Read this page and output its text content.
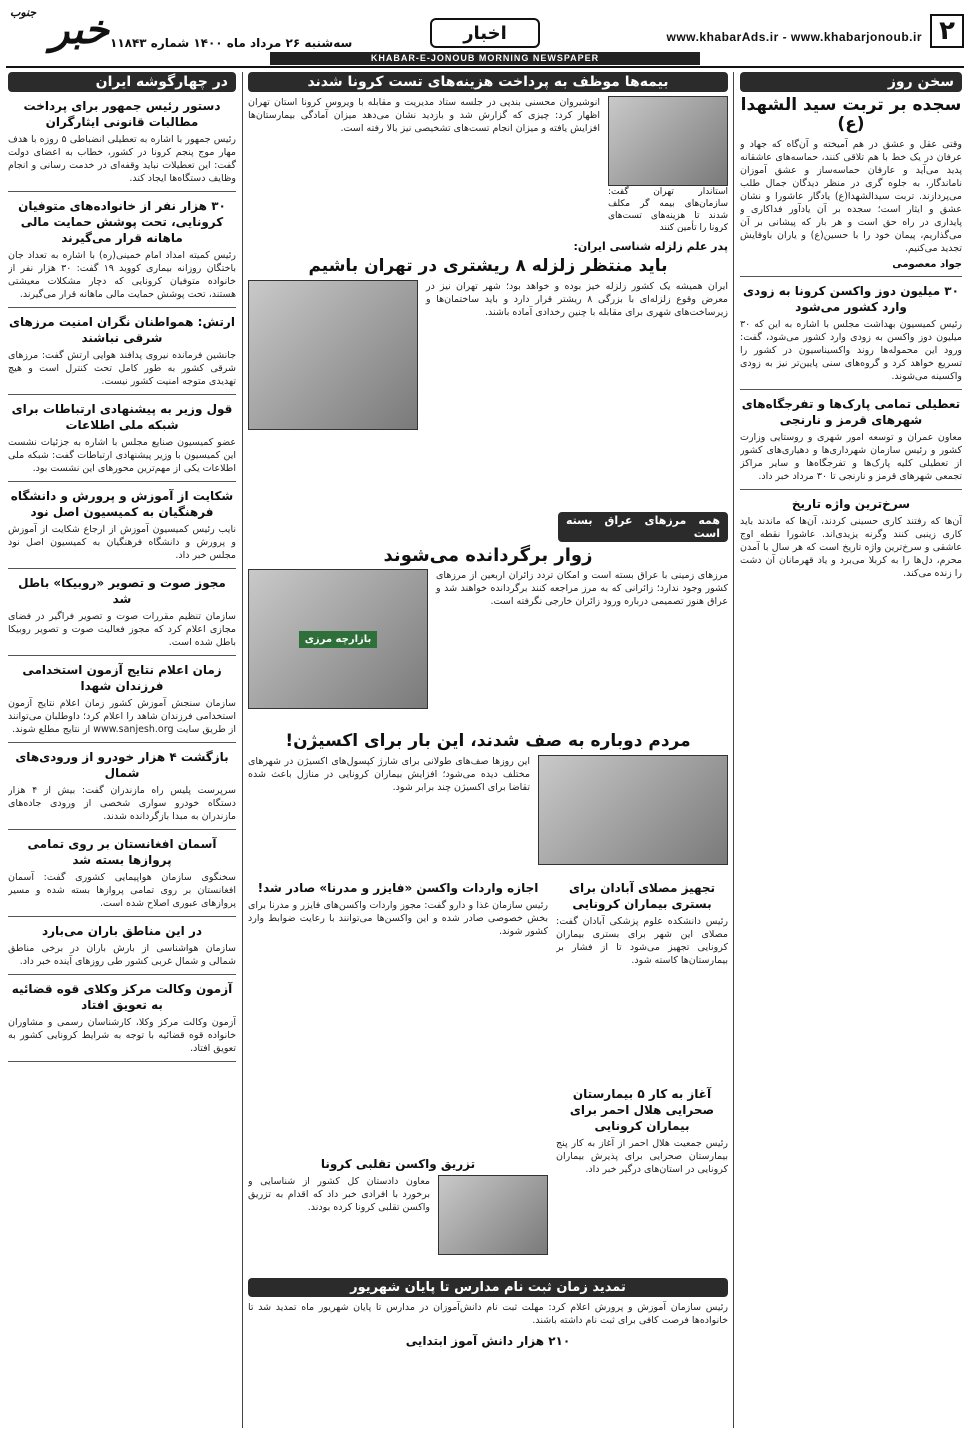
۲
www.khabarAds.ir - www.khabarjonoub.ir
اخبار
خبر $^{جنوب}$
سه‌شنبه ۲۶ مرداد ماه ۱۴۰۰ شماره ۱۱۸۴۳
KHABAR-E-JONOUB MORNING NEWSPAPER
سخن روز
سجده بر تربت سید الشهدا (ع)
وقتی عقل و عشق در هم آمیخته و آن‌گاه که جهاد و عرفان در یک خط با هم تلاقی کنند، حماسه‌های عاشقانه پدید می‌آید و عارفان حماسه‌ساز و عشق آموزان ناماندگار، به جلوه گری در منظر دیدگان جمال طلب می‌پردازند. تربت سیدالشهدا(ع) یادگار عاشورا و نشان عشق و ایثار است؛ سجده بر آن یادآور فداکاری و پایداری در راه حق است و هر بار که پیشانی بر آن می‌گذاریم، پیمان خود را با حسین(ع) و یاران باوفایش تجدید می‌کنیم.
جواد معصومی
۳۰ میلیون دوز واکسن کرونا به زودی وارد کشور می‌شود
رئیس کمیسیون بهداشت مجلس با اشاره به این که ۳۰ میلیون دوز واکسن به زودی وارد کشور می‌شود، گفت: ورود این محموله‌ها روند واکسیناسیون در کشور را تسریع خواهد کرد و گروه‌های سنی پایین‌تر نیز به زودی واکسینه می‌شوند.
تعطیلی تمامی پارک‌ها و تفرجگاه‌های شهرهای قرمز و نارنجی
معاون عمران و توسعه امور شهری و روستایی وزارت کشور و رئیس سازمان شهرداری‌ها و دهیاری‌های کشور از تعطیلی کلیه پارک‌ها و تفرجگاه‌ها و سایر مراکز تجمعی شهرهای قرمز و نارنجی تا ۳۰ مرداد خبر داد.
سرخ‌ترین واژه تاریخ
آن‌ها که رفتند کاری حسینی کردند، آن‌ها که ماندند باید کاری زینبی کنند وگرنه یزیدی‌اند. عاشورا نقطه اوج عاشقی و سرخ‌ترین واژه تاریخ است که هر سال با آمدن محرم، دل‌ها را به کربلا می‌برد و یاد قهرمانان آن دشت را زنده می‌کند.
در چهارگوشه ایران
دستور رئیس جمهور برای پرداخت مطالبات قانونی ایثارگران
رئیس جمهور با اشاره به تعطیلی انضباطی ۵ روزه با هدف مهار موج پنجم کرونا در کشور، خطاب به اعضای دولت گفت: این تعطیلات نباید وقفه‌ای در خدمت رسانی و انجام وظایف دستگاه‌ها ایجاد کند.
۳۰ هزار نفر از خانواده‌های متوفیان کرونایی، تحت پوشش حمایت مالی ماهانه قرار می‌گیرند
رئیس کمیته امداد امام خمینی(ره) با اشاره به تعداد جان باختگان روزانه بیماری کووید ۱۹ گفت: ۳۰ هزار نفر از خانواده متوفیان کرونایی که دچار مشکلات معیشتی هستند، تحت پوشش حمایت مالی ماهانه قرار می‌گیرند.
ارتش: همواطنان نگران امنیت مرزهای شرقی نباشند
جانشین فرمانده نیروی پدافند هوایی ارتش گفت: مرزهای شرقی کشور به طور کامل تحت کنترل است و هیچ تهدیدی متوجه امنیت کشور نیست.
قول وزیر به پیشنهادی ارتباطات برای شبکه ملی اطلاعات
عضو کمیسیون صنایع مجلس با اشاره به جزئیات نشست این کمیسیون با وزیر پیشنهادی ارتباطات گفت: شبکه ملی اطلاعات یکی از مهم‌ترین محورهای این نشست بود.
شکایت از آموزش و پرورش و دانشگاه فرهنگیان به کمیسیون اصل نود
نایب رئیس کمیسیون آموزش از ارجاع شکایت از آموزش و پرورش و دانشگاه فرهنگیان به کمیسیون اصل نود مجلس خبر داد.
مجوز صوت و تصویر «روبیکا» باطل شد
سازمان تنظیم مقررات صوت و تصویر فراگیر در فضای مجازی اعلام کرد که مجوز فعالیت صوت و تصویر روبیکا باطل شده است.
زمان اعلام نتایج آزمون استخدامی فرزندان شهدا
سازمان سنجش آموزش کشور زمان اعلام نتایج آزمون استخدامی فرزندان شاهد را اعلام کرد؛ داوطلبان می‌توانند از طریق سایت www.sanjesh.org از نتایج مطلع شوند.
بازگشت ۴ هزار خودرو از ورودی‌های شمال
سرپرست پلیس راه مازندران گفت: بیش از ۴ هزار دستگاه خودرو سواری شخصی از ورودی جاده‌های مازندران به مبدا بازگردانده شدند.
آسمان افغانستان بر روی تمامی پروازها بسته شد
سخنگوی سازمان هواپیمایی کشوری گفت: آسمان افغانستان بر روی تمامی پروازها بسته شده و مسیر پروازهای عبوری اصلاح شده است.
در این مناطق باران می‌بارد
سازمان هواشناسی از بارش باران در برخی مناطق شمالی و شمال غربی کشور طی روزهای آینده خبر داد.
آزمون وکالت مرکز وکلای قوه قضائیه به تعویق افتاد
آزمون وکالت مرکز وکلا، کارشناسان رسمی و مشاوران خانواده قوه قضائیه با توجه به شرایط کرونایی کشور به تعویق افتاد.
بیمه‌ها موظف به پرداخت هزینه‌های تست کرونا شدند
استاندار تهران گفت: سازمان‌های بیمه گر مکلف شدند تا هزینه‌های تست‌های کرونا را تأمین کنند
انوشیروان محسنی بندپی در جلسه ستاد مدیریت و مقابله با ویروس کرونا استان تهران اظهار کرد: چیزی که گزارش شد و بازدید نشان می‌دهد میزان آمادگی بیمارستان‌ها افزایش یافته و میزان انجام تست‌های تشخیصی نیز بالا رفته است.
پدر علم زلزله شناسی ایران:
باید منتظر زلزله ۸ ریشتری در تهران باشیم
ایران همیشه یک کشور زلزله خیز بوده و خواهد بود؛ شهر تهران نیز در معرض وقوع زلزله‌ای با بزرگی ۸ ریشتر قرار دارد و باید ساختمان‌ها و زیرساخت‌های شهری برای مقابله با چنین رخدادی آماده باشند.
همه مرزهای عراق بسته است
زوار برگردانده می‌شوند
مرزهای زمینی با عراق بسته است و امکان تردد زائران اربعین از مرزهای کشور وجود ندارد؛ زائرانی که به مرز مراجعه کنند برگردانده خواهند شد و عراق هنوز تصمیمی درباره ورود زائران خارجی نگرفته است.
بازارچه مرزی
مردم دوباره به صف شدند، این بار برای اکسیژن!
این روزها صف‌های طولانی برای شارژ کپسول‌های اکسیژن در شهرهای مختلف دیده می‌شود؛ افزایش بیماران کرونایی در منازل باعث شده تقاضا برای اکسیژن چند برابر شود.
اجازه واردات واکسن «فایزر و مدرنا» صادر شد!
رئیس سازمان غذا و دارو گفت: مجوز واردات واکسن‌های فایزر و مدرنا برای بخش خصوصی صادر شده و این واکسن‌ها می‌توانند با رعایت ضوابط وارد کشور شوند.
تجهیز مصلای آبادان برای بستری بیماران کرونایی
رئیس دانشکده علوم پزشکی آبادان گفت: مصلای این شهر برای بستری بیماران کرونایی تجهیز می‌شود تا از فشار بر بیمارستان‌ها کاسته شود.
آغاز به کار ۵ بیمارستان صحرایی هلال احمر برای بیماران کرونایی
رئیس جمعیت هلال احمر از آغاز به کار پنج بیمارستان صحرایی برای پذیرش بیماران کرونایی در استان‌های درگیر خبر داد.
تزریق واکسن تقلبی کرونا
معاون دادستان کل کشور از شناسایی و برخورد با افرادی خبر داد که اقدام به تزریق واکسن تقلبی کرونا کرده بودند.
تمدید زمان ثبت نام مدارس تا پایان شهریور
رئیس سازمان آموزش و پرورش اعلام کرد: مهلت ثبت نام دانش‌آموزان در مدارس تا پایان شهریور ماه تمدید شد تا خانواده‌ها فرصت کافی برای ثبت نام داشته باشند.
۲۱۰ هزار دانش آموز ابتدایی
